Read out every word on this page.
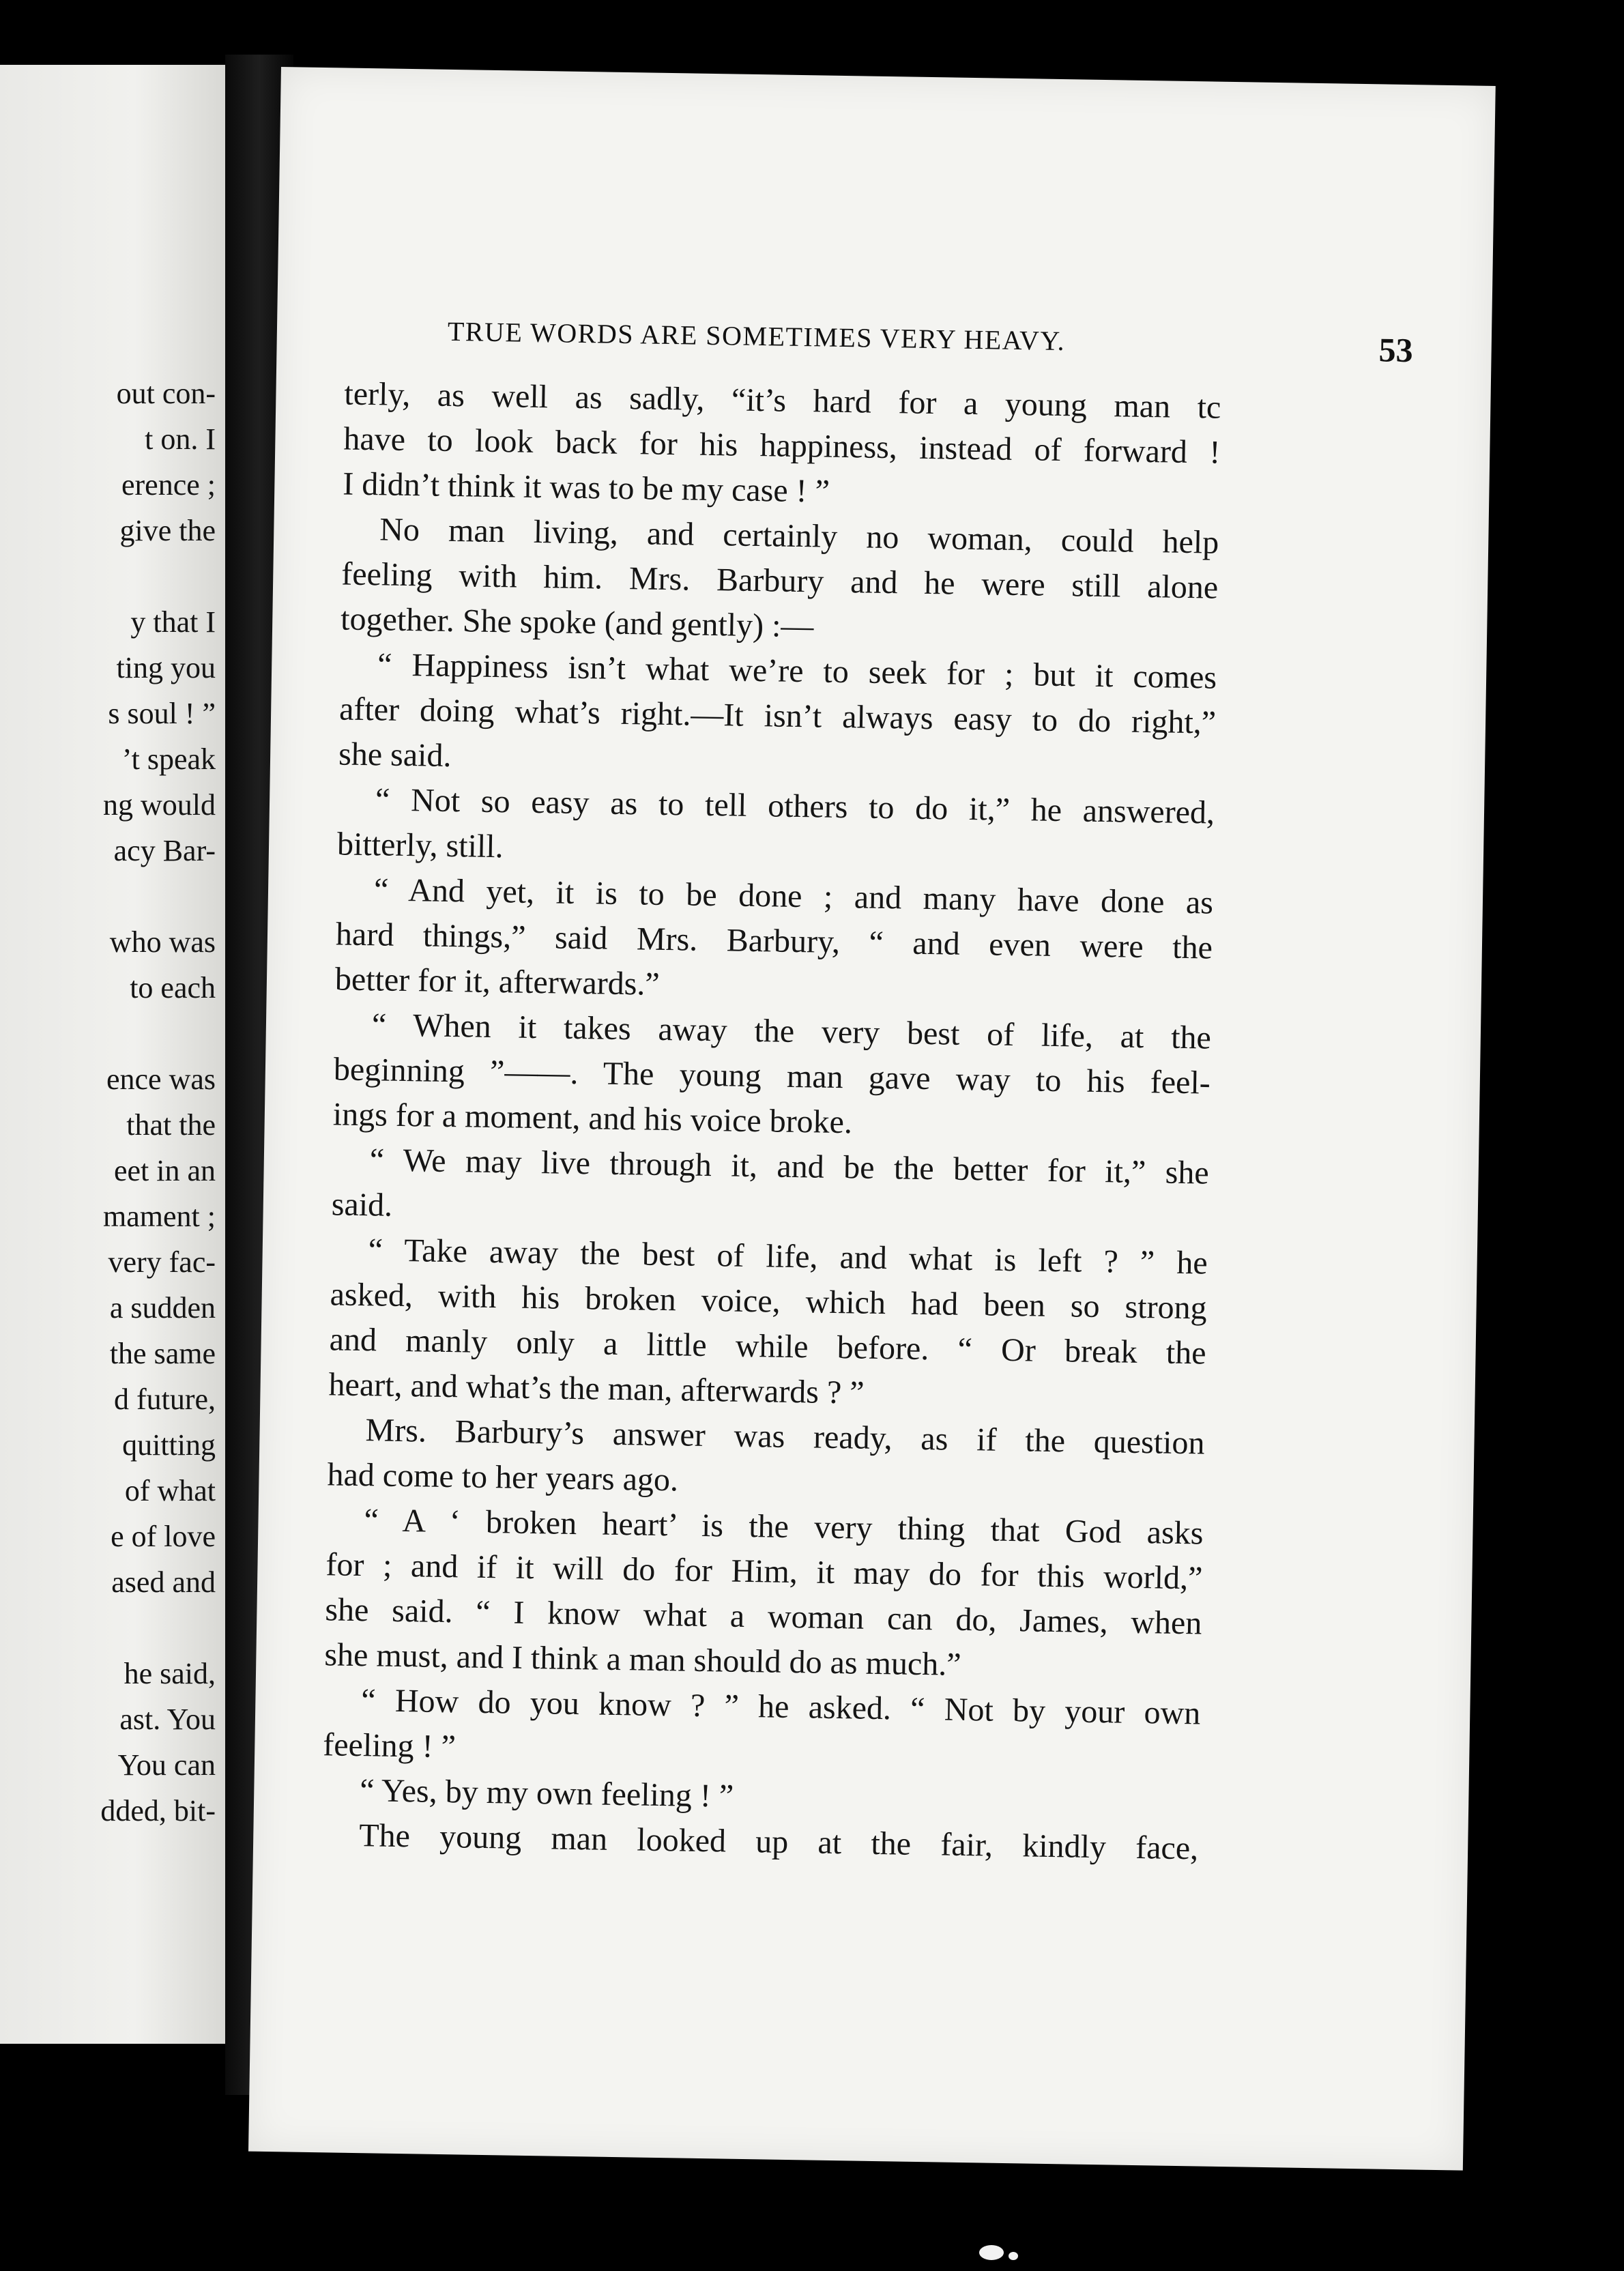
out con-
t on. I
erence ;
give the
y that I
ting you
s soul ! ”
’t speak
ng would
acy Bar-
who was
to each
ence was
that the
eet in an
mament ;
very fac-
a sudden
the same
d future,
quitting
of what
e of love
ased and
he said,
ast. You
You can
dded, bit-
TRUE WORDS ARE SOMETIMES VERY HEAVY.	53
terly, as well as sadly, “it’s hard for a young man tc
have to look back for his happiness, instead of forward !
I didn’t think it was to be my case ! ”
No man living, and certainly no woman, could help
feeling with him. Mrs. Barbury and he were still alone
together. She spoke (and gently) :—
“ Happiness isn’t what we’re to seek for ; but it comes
after doing what’s right.—It isn’t always easy to do right,”
she said.
“ Not so easy as to tell others to do it,” he answered,
bitterly, still.
“ And yet, it is to be done ; and many have done as
hard things,” said Mrs. Barbury, “ and even were the
better for it, afterwards.”
“ When it takes away the very best of life, at the
beginning ”——. The young man gave way to his feel-
ings for a moment, and his voice broke.
“ We may live through it, and be the better for it,” she
said.
“ Take away the best of life, and what is left ? ” he
asked, with his broken voice, which had been so strong
and manly only a little while before. “ Or break the
heart, and what’s the man, afterwards ? ”
Mrs. Barbury’s answer was ready, as if the question
had come to her years ago.
“ A ‘ broken heart’ is the very thing that God asks
for ; and if it will do for Him, it may do for this world,”
she said. “ I know what a woman can do, James, when
she must, and I think a man should do as much.”
“ How do you know ? ” he asked. “ Not by your own
feeling ! ”
“ Yes, by my own feeling ! ”
The young man looked up at the fair, kindly face,
